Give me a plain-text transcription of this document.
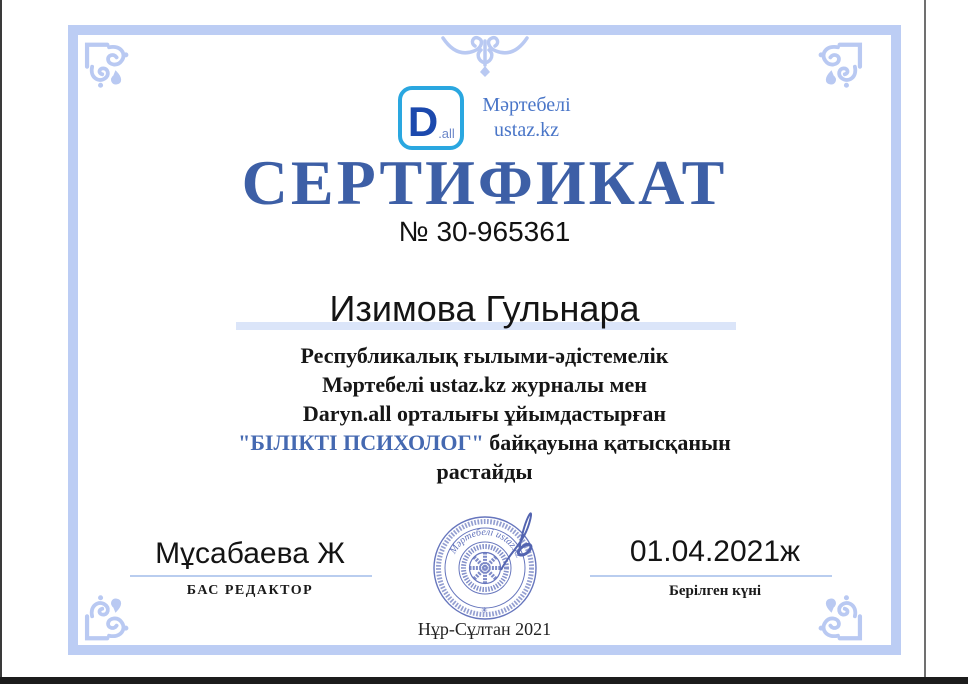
D .all
Мәртебелі
ustaz.kz
СЕРТИФИКАТ
№ 30-965361
Изимова Гульнара
Республикалық ғылыми-әдістемелік
Мәртебелі ustaz.kz журналы мен
Daryn.all орталығы ұйымдастырған
"БІЛІКТІ ПСИХОЛОГ" байқауына қатысқанын
растайды
Мұсабаева Ж
БАС РЕДАКТОР
01.04.2021ж
Берілген күні
Мәртебелі ustaz.kz
✳
Нұр-Сұлтан 2021
